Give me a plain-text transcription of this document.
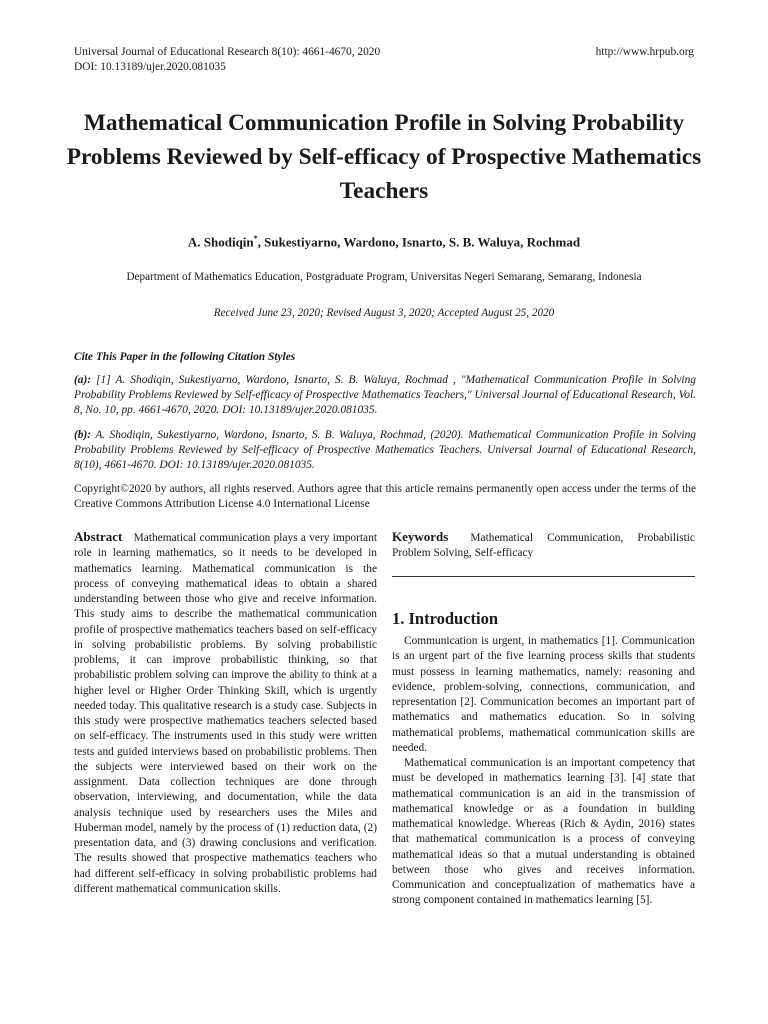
Universal Journal of Educational Research 8(10): 4661-4670, 2020
DOI: 10.13189/ujer.2020.081035
http://www.hrpub.org
Mathematical Communication Profile in Solving Probability Problems Reviewed by Self-efficacy of Prospective Mathematics Teachers
A. Shodiqin*, Sukestiyarno, Wardono, Isnarto, S. B. Waluya, Rochmad
Department of Mathematics Education, Postgraduate Program, Universitas Negeri Semarang, Semarang, Indonesia
Received June 23, 2020; Revised August 3, 2020; Accepted August 25, 2020
Cite This Paper in the following Citation Styles
(a): [1] A. Shodiqin, Sukestiyarno, Wardono, Isnarto, S. B. Waluya, Rochmad , "Mathematical Communication Profile in Solving Probability Problems Reviewed by Self-efficacy of Prospective Mathematics Teachers," Universal Journal of Educational Research, Vol. 8, No. 10, pp. 4661-4670, 2020. DOI: 10.13189/ujer.2020.081035.
(b): A. Shodiqin, Sukestiyarno, Wardono, Isnarto, S. B. Waluya, Rochmad, (2020). Mathematical Communication Profile in Solving Probability Problems Reviewed by Self-efficacy of Prospective Mathematics Teachers. Universal Journal of Educational Research, 8(10), 4661-4670. DOI: 10.13189/ujer.2020.081035.
Copyright©2020 by authors, all rights reserved. Authors agree that this article remains permanently open access under the terms of the Creative Commons Attribution License 4.0 International License
Abstract Mathematical communication plays a very important role in learning mathematics, so it needs to be developed in mathematics learning. Mathematical communication is the process of conveying mathematical ideas to obtain a shared understanding between those who give and receive information. This study aims to describe the mathematical communication profile of prospective mathematics teachers based on self-efficacy in solving probabilistic problems. By solving probabilistic problems, it can improve probabilistic thinking, so that probabilistic problem solving can improve the ability to think at a higher level or Higher Order Thinking Skill, which is urgently needed today. This qualitative research is a study case. Subjects in this study were prospective mathematics teachers selected based on self-efficacy. The instruments used in this study were written tests and guided interviews based on probabilistic problems. Then the subjects were interviewed based on their work on the assignment. Data collection techniques are done through observation, interviewing, and documentation, while the data analysis technique used by researchers uses the Miles and Huberman model, namely by the process of (1) reduction data, (2) presentation data, and (3) drawing conclusions and verification. The results showed that prospective mathematics teachers who had different self-efficacy in solving probabilistic problems had different mathematical communication skills.
Keywords Mathematical Communication, Probabilistic Problem Solving, Self-efficacy
1. Introduction

Communication is urgent, in mathematics [1]. Communication is an urgent part of the five learning process skills that students must possess in learning mathematics, namely: reasoning and evidence, problem-solving, connections, communication, and representation [2]. Communication becomes an important part of mathematics and mathematics education. So in solving mathematical problems, mathematical communication skills are needed.

Mathematical communication is an important competency that must be developed in mathematics learning [3]. [4] state that mathematical communication is an aid in the transmission of mathematical knowledge or as a foundation in building mathematical knowledge. Whereas (Rich & Aydin, 2016) states that mathematical communication is a process of conveying mathematical ideas so that a mutual understanding is obtained between those who gives and receives information. Communication and conceptualization of mathematics have a strong component contained in mathematics learning [5].
